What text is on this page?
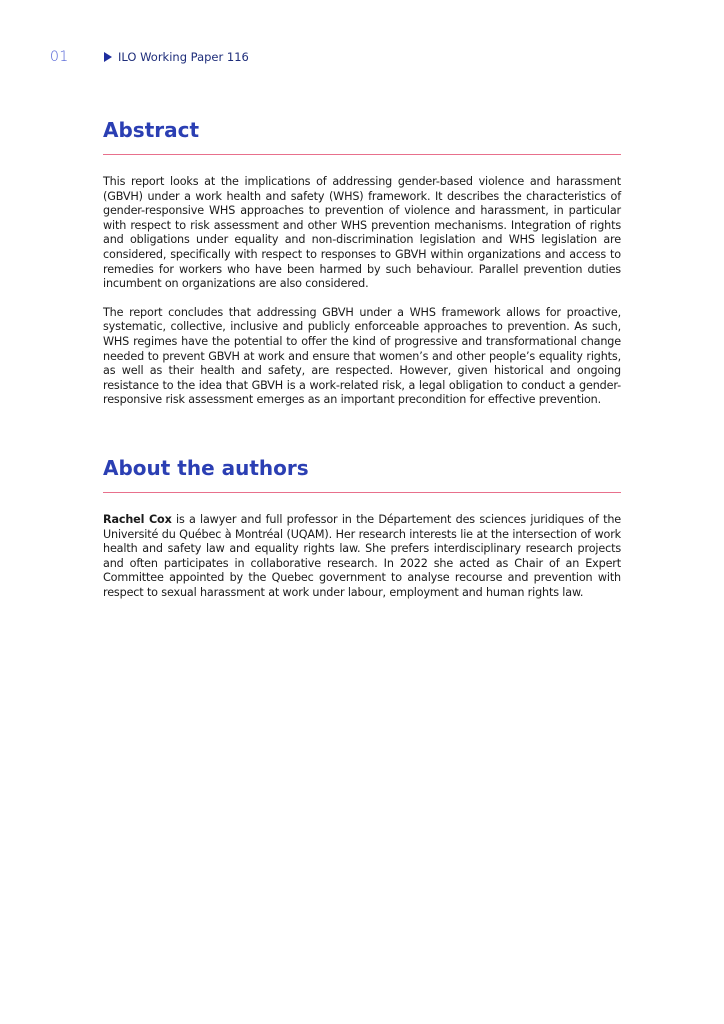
01	ILO Working Paper 116
Abstract

This report looks at the implications of addressing gender-based violence and harassment (GBVH) under a work health and safety (WHS) framework. It describes the characteristics of gender-responsive WHS approaches to prevention of violence and harassment, in particular with respect to risk assessment and other WHS prevention mechanisms. Integration of rights and obligations under equality and non-discrimination legislation and WHS legislation are considered, specifically with respect to responses to GBVH within organizations and access to remedies for workers who have been harmed by such behaviour. Parallel prevention duties incumbent on organizations are also considered.

The report concludes that addressing GBVH under a WHS framework allows for proactive, systematic, collective, inclusive and publicly enforceable approaches to prevention. As such, WHS regimes have the potential to offer the kind of progressive and transformational change needed to prevent GBVH at work and ensure that women’s and other people’s equality rights, as well as their health and safety, are respected. However, given historical and ongoing resistance to the idea that GBVH is a work-related risk, a legal obligation to conduct a gender-responsive risk assessment emerges as an important precondition for effective prevention.

About the authors

Rachel Cox is a lawyer and full professor in the Département des sciences juridiques of the Université du Québec à Montréal (UQAM). Her research interests lie at the intersection of work health and safety law and equality rights law. She prefers interdisciplinary research projects and often participates in collaborative research. In 2022 she acted as Chair of an Expert Committee appointed by the Quebec government to analyse recourse and prevention with respect to sexual harassment at work under labour, employment and human rights law.
